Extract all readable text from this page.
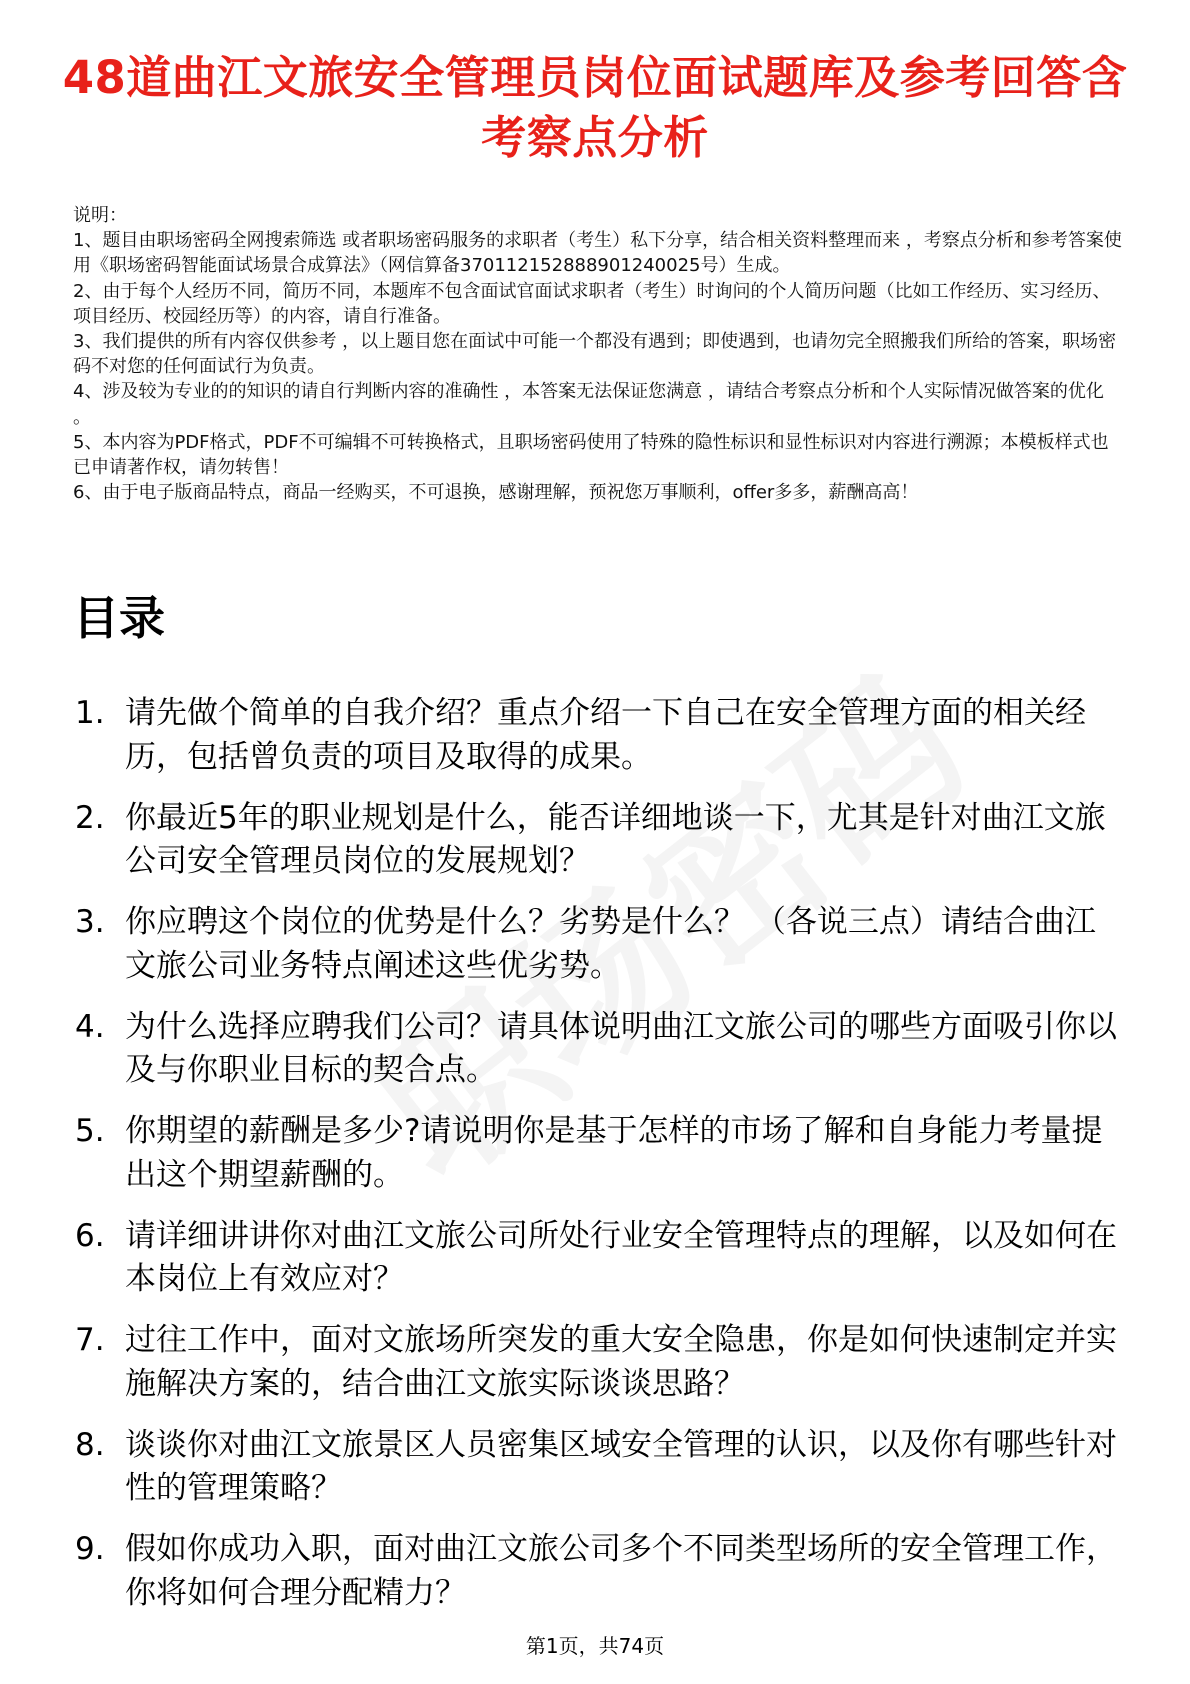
48道曲江文旅安全管理员岗位面试题库及参考回答含考察点分析

说明：

1、题目由职场密码全网搜索筛选 或者职场密码服务的求职者（考生）私下分享，结合相关资料整理而来 ，考察点分析和参考答案使用《职场密码智能面试场景合成算法》（网信算备370112152888901240025号）生成。

2、由于每个人经历不同，简历不同，本题库不包含面试官面试求职者（考生）时询问的个人简历问题（比如工作经历、实习经历、项目经历、校园经历等）的内容，请自行准备。

3、我们提供的所有内容仅供参考 ，以上题目您在面试中可能一个都没有遇到；即使遇到，也请勿完全照搬我们所给的答案，职场密码不对您的任何面试行为负责。

4、涉及较为专业的的知识的请自行判断内容的准确性 ，本答案无法保证您满意 ，请结合考察点分析和个人实际情况做答案的优化 。

5、本内容为PDF格式，PDF不可编辑不可转换格式，且职场密码使用了特殊的隐性标识和显性标识对内容进行溯源；本模板样式也已申请著作权，请勿转售！

6、由于电子版商品特点，商品一经购买，不可退换，感谢理解，预祝您万事顺利，offer多多，薪酬高高！

目录
1. 请先做个简单的自我介绍？重点介绍一下自己在安全管理方面的相关经历，包括曾负责的项目及取得的成果。
2. 你最近5年的职业规划是什么，能否详细地谈一下，尤其是针对曲江文旅公司安全管理员岗位的发展规划？
3. 你应聘这个岗位的优势是什么？劣势是什么？ （各说三点）请结合曲江文旅公司业务特点阐述这些优劣势。
4. 为什么选择应聘我们公司？请具体说明曲江文旅公司的哪些方面吸引你以及与你职业目标的契合点。
5. 你期望的薪酬是多少?请说明你是基于怎样的市场了解和自身能力考量提出这个期望薪酬的。
6. 请详细讲讲你对曲江文旅公司所处行业安全管理特点的理解，以及如何在本岗位上有效应对？
7. 过往工作中，面对文旅场所突发的重大安全隐患，你是如何快速制定并实施解决方案的，结合曲江文旅实际谈谈思路？
8. 谈谈你对曲江文旅景区人员密集区域安全管理的认识，以及你有哪些针对性的管理策略？
9. 假如你成功入职，面对曲江文旅公司多个不同类型场所的安全管理工作，你将如何合理分配精力？
第1页，共74页
